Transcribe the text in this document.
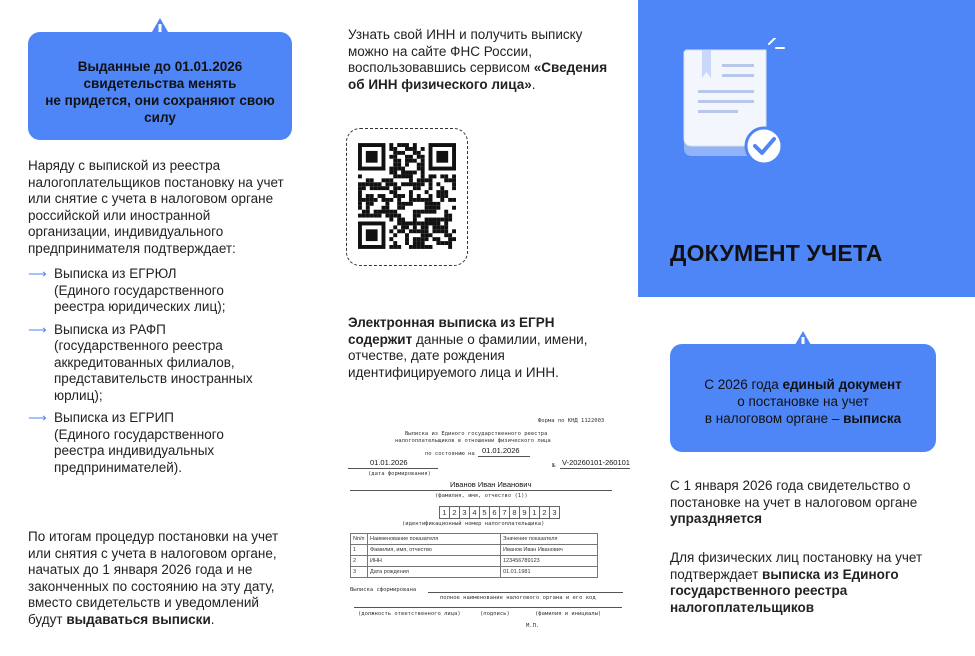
Выданные до 01.01.2026
свидетельства менять
не придется, они сохраняют свою
силу
Наряду с выпиской из реестра налогоплательщиков постановку на учет или снятие с учета в налоговом органе российской или иностранной организации, индивидуального предпринимателя подтверждает:
⟶ Выписка из ЕГРЮЛ
(Единого государственного реестра юридических лиц);
⟶ Выписка из РАФП
(государственного реестра аккредитованных филиалов, представительств иностранных юрлиц);
⟶ Выписка из ЕГРИП
(Единого государственного реестра индивидуальных предпринимателей).
По итогам процедур постановки на учет или снятия с учета в налоговом органе, начатых до 1 января 2026 года и не законченных по состоянию на эту дату, вместо свидетельств и уведомлений будут выдаваться выписки.
Узнать свой ИНН и получить выписку можно на сайте ФНС России, воспользовавшись сервисом «Сведения об ИНН физического лица».
Электронная выписка из ЕГРН содержит данные о фамилии, имени, отчестве, дате рождения идентифицируемого лица и ИНН.
Форма по КНД 1122003
Выписка из Единого государственного реестра
налогоплательщиков в отношении физического лица
по состоянию на 01.01.2026
01.01.2026
(дата формирования)
№ V-20260101-260101
Иванов Иван Иванович
(фамилия, имя, отчество (1))
1 2 3 4 5 6 7 8 9 1 2 3
(идентификационный номер налогоплательщика)
Nп/п	Наименование показателя	Значение показателя
1	Фамилия, имя, отчество	Иванов Иван Иванович
2	ИНН	123456789123
3	Дата рождения	01.01.1981
Выписка сформирована
полное наименование налогового органа и его код
(должность ответственного лица)	(подпись)	(фамилия и инициалы)
М.П.
ДОКУМЕНТ УЧЕТА
С 2026 года единый документ
о постановке на учет
в налоговом органе – выписка
С 1 января 2026 года свидетельство о постановке на учет в налоговом органе упраздняется
Для физических лиц постановку на учет подтверждает выписка из Единого государственного реестра налогоплательщиков
